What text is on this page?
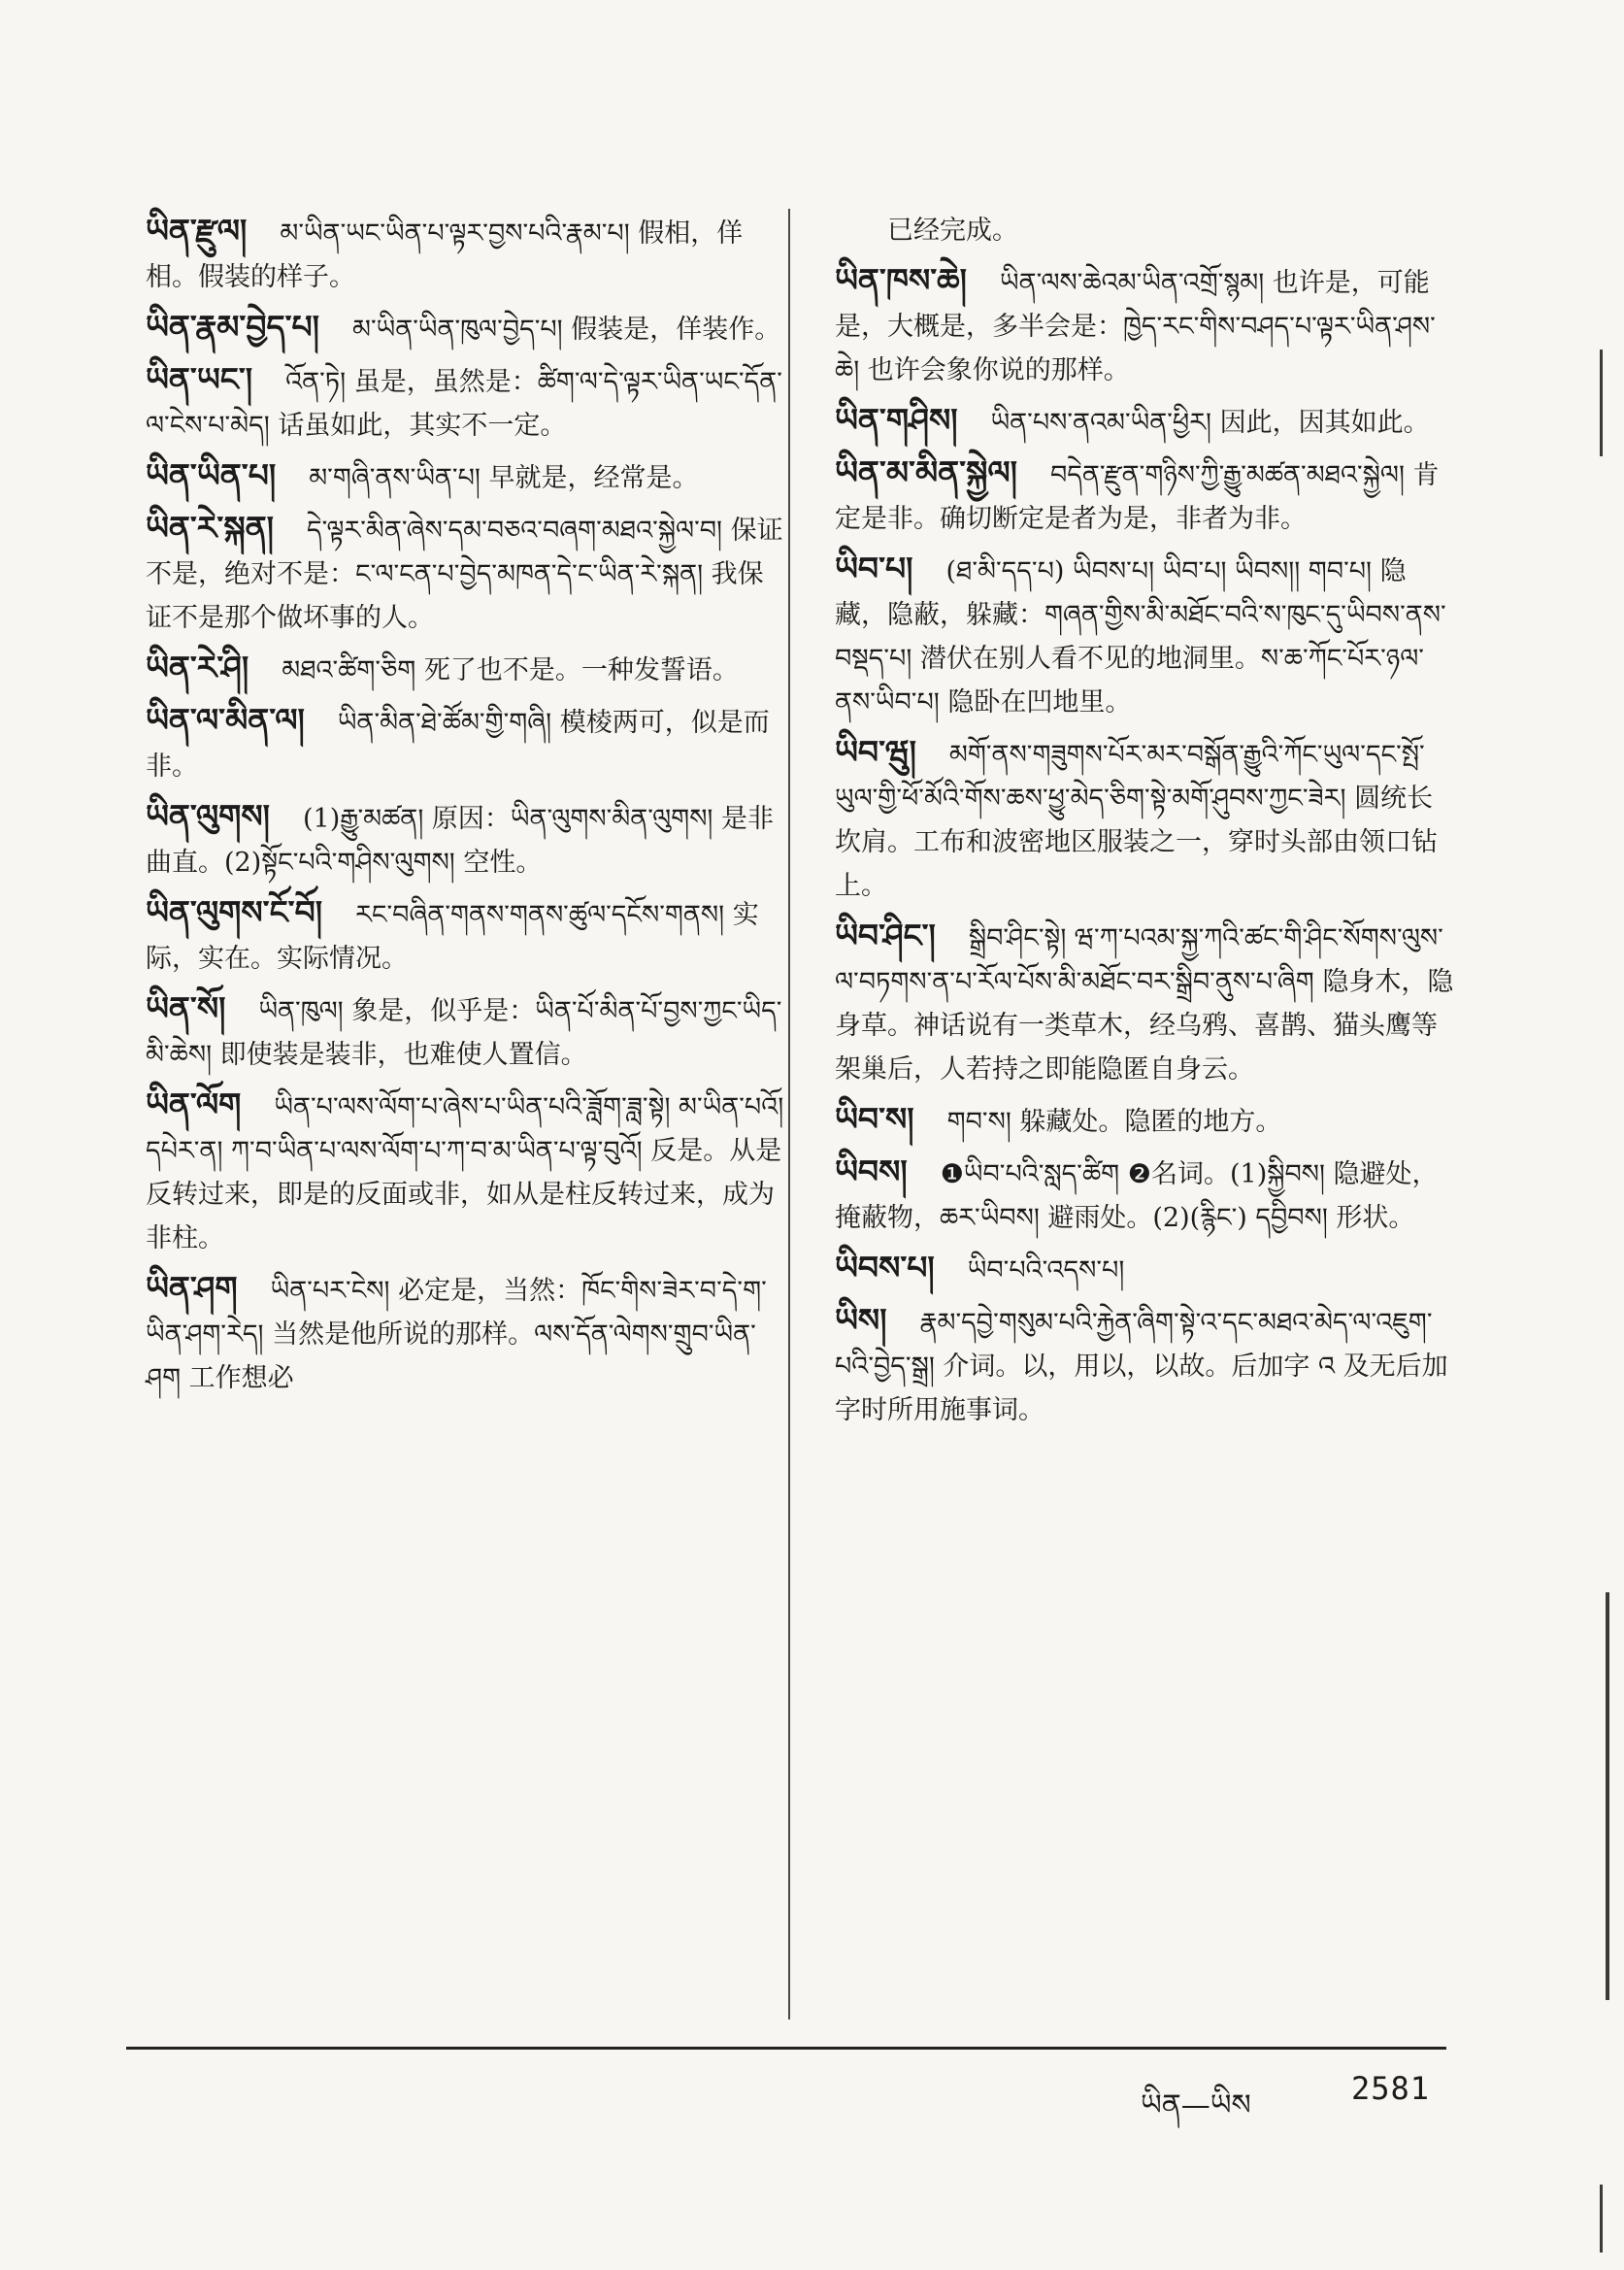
ཡིན་རྫུལ། མ་ཡིན་ཡང་ཡིན་པ་ལྟར་བྱས་པའི་རྣམ་པ། 假相，佯相。假装的样子。
ཡིན་རྣམ་བྱེད་པ། མ་ཡིན་ཡིན་ཁུལ་བྱེད་པ། 假装是，佯装作。
ཡིན་ཡང་། འོན་ཏེ། 虽是，虽然是：ཚིག་ལ་དེ་ལྟར་ཡིན་ཡང་དོན་ལ་ངེས་པ་མེད། 话虽如此，其实不一定。
ཡིན་ཡིན་པ། མ་གཞི་ནས་ཡིན་པ། 早就是，经常是。
ཡིན་རེ་སྐན། དེ་ལྟར་མིན་ཞེས་དམ་བཅའ་བཞག་མཐའ་སྐྱེལ་བ། 保证不是，绝对不是：ང་ལ་ངན་པ་བྱེད་མཁན་དེ་ང་ཡིན་རེ་སྐན། 我保证不是那个做坏事的人。
ཡིན་རེ་ཤི། མཐའ་ཚིག་ཅིག 死了也不是。一种发誓语。
ཡིན་ལ་མིན་ལ། ཡིན་མིན་ཐེ་ཚོམ་གྱི་གཞི། 模棱两可，似是而非。
ཡིན་ལུགས། (1)རྒྱུ་མཚན། 原因：ཡིན་ལུགས་མིན་ལུགས། 是非曲直。(2)སྟོང་པའི་གཤིས་ལུགས། 空性。
ཡིན་ལུགས་ངོ་བོ། རང་བཞིན་གནས་གནས་ཚུལ་དངོས་གནས། 实际，实在。实际情况。
ཡིན་སོ། ཡིན་ཁུལ། 象是，似乎是：ཡིན་པོ་མིན་པོ་བྱས་ཀྱང་ཡིད་མི་ཆེས། 即使装是装非，也难使人置信。
ཡིན་ལོག ཡིན་པ་ལས་ལོག་པ་ཞེས་པ་ཡིན་པའི་ཟློག་ཟླ་སྟེ། མ་ཡིན་པའོ། དཔེར་ན། ཀ་བ་ཡིན་པ་ལས་ལོག་པ་ཀ་བ་མ་ཡིན་པ་ལྟ་བུའོ། 反是。从是反转过来，即是的反面或非，如从是柱反转过来，成为非柱。
ཡིན་ཤག ཡིན་པར་ངེས། 必定是，当然：ཁོང་གིས་ཟེར་བ་དེ་ག་ཡིན་ཤག་རེད། 当然是他所说的那样。ལས་དོན་ལེགས་གྲུབ་ཡིན་ཤག 工作想必
已经完成。
ཡིན་ཁས་ཆེ། ཡིན་ལས་ཆེའམ་ཡིན་འགྲོ་སྙམ། 也许是，可能是，大概是，多半会是：ཁྱེད་རང་གིས་བཤད་པ་ལྟར་ཡིན་ཤས་ཆེ། 也许会象你说的那样。
ཡིན་གཤིས། ཡིན་པས་ནའམ་ཡིན་ཕྱིར། 因此，因其如此。
ཡིན་མ་མིན་སྐྱེལ། བདེན་རྫུན་གཉིས་ཀྱི་རྒྱུ་མཚན་མཐའ་སྐྱེལ། 肯定是非。确切断定是者为是，非者为非。
ཡིབ་པ། (ཐ་མི་དད་པ) ཡིབས་པ། ཡིབ་པ། ཡིབས།། གབ་པ། 隐藏，隐蔽，躲藏：གཞན་གྱིས་མི་མཐོང་བའི་ས་ཁུང་དུ་ཡིབས་ནས་བསྡད་པ། 潜伏在别人看不见的地洞里。ས་ཆ་ཀོང་པོར་ཉལ་ནས་ཡིབ་པ། 隐卧在凹地里。
ཡིབ་ཝུ། མགོ་ནས་གཟུགས་པོར་མར་བསྒོན་རྒྱུའི་ཀོང་ཡུལ་དང་སྤོ་ཡུལ་གྱི་ཕོ་མོའི་གོས་ཆས་ཕྱུ་མེད་ཅིག་སྟེ་མགོ་ཤུབས་ཀྱང་ཟེར། 圆统长坎肩。工布和波密地区服装之一，穿时头部由领口钻上。
ཡིབ་ཤིང་། སྒྲིབ་ཤིང་སྟེ། ཝ་ཀ་པའམ་སྐྱ་ཀའི་ཚང་གི་ཤིང་སོགས་ལུས་ལ་བཏགས་ན་པ་རོལ་པོས་མི་མཐོང་བར་སྒྲིབ་ནུས་པ་ཞིག 隐身木，隐身草。神话说有一类草木，经乌鸦、喜鹊、猫头鹰等架巢后，人若持之即能隐匿自身云。
ཡིབ་ས། གབ་ས། 躲藏处。隐匿的地方。
ཡིབས། ❶ཡིབ་པའི་སླད་ཚིག ❷名词。(1)སྐྱིབས། 隐避处，掩蔽物，ཆར་ཡིབས། 避雨处。(2)(རྙིང་) དབྱིབས། 形状。
ཡིབས་པ། ཡིབ་པའི་འདས་པ།
ཡིས། རྣམ་དབྱེ་གསུམ་པའི་རྐྱེན་ཞིག་སྟེ་འ་དང་མཐའ་མེད་ལ་འཇུག་པའི་བྱེད་སྒྲ། 介词。以，用以，以故。后加字 འ 及无后加字时所用施事词。
ཡིན—ཡིས	2581
